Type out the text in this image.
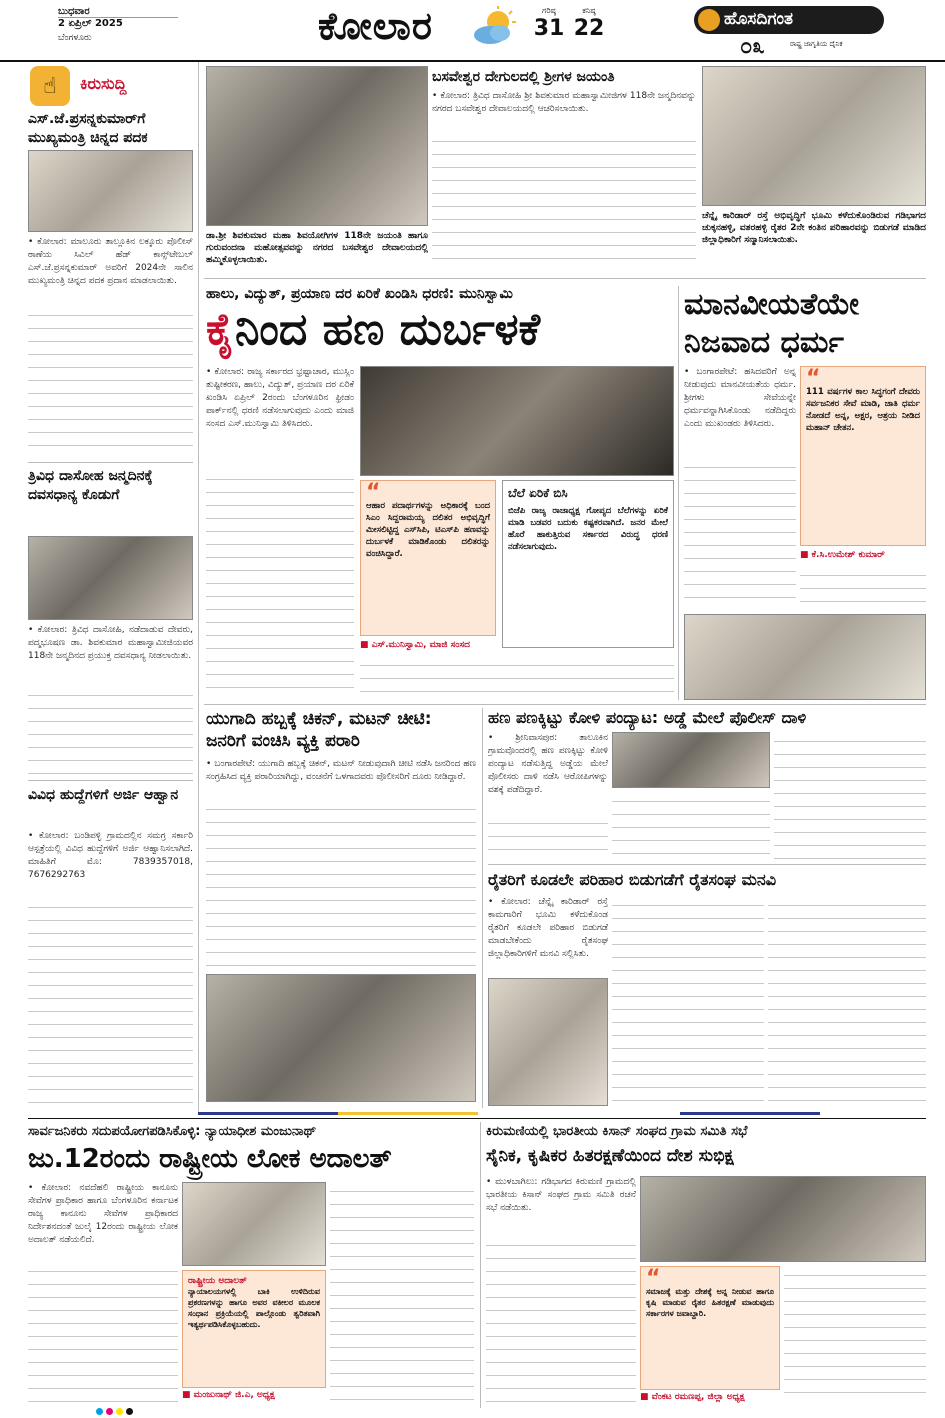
ಬುಧವಾರ
2 ಏಪ್ರಿಲ್ 2025
ಬೆಂಗಳೂರು	ಕೋಲಾರ	ಗರಿಷ್ಠ
31
ಕನಿಷ್ಠ
22	ಹೊಸದಿಗಂತ
೦೩	ರಾಷ್ಟ್ರ ಜಾಗೃತಿಯ ದೈನಿಕ
☝	ಕಿರುಸುದ್ದಿ
ಎಸ್.ಜೆ.ಪ್ರಸನ್ನಕುಮಾರ್‌ಗೆ ಮುಖ್ಯಮಂತ್ರಿ ಚಿನ್ನದ ಪದಕ
• ಕೋಲಾರ: ಮಾಲೂರು ತಾಲ್ಲೂಕಿನ ಲಕ್ಕೂರು ಪೊಲೀಸ್ ಠಾಣೆಯ ಸಿವಿಲ್ ಹೆಡ್ ಕಾನ್ಸ್‌ಟೇಬಲ್ ಎಸ್.ಜೆ.ಪ್ರಸನ್ನಕುಮಾರ್ ಅವರಿಗೆ 2024ನೇ ಸಾಲಿನ ಮುಖ್ಯಮಂತ್ರಿ ಚಿನ್ನದ ಪದಕ ಪ್ರದಾನ ಮಾಡಲಾಯಿತು.
ತ್ರಿವಿಧ ದಾಸೋಹ ಜನ್ಮದಿನಕ್ಕೆ ದವಸಧಾನ್ಯ ಕೊಡುಗೆ
• ಕೋಲಾರ: ತ್ರಿವಿಧ ದಾಸೋಹಿ, ನಡೆದಾಡುವ ದೇವರು, ಪದ್ಮಭೂಷಣ ಡಾ. ಶಿವಕುಮಾರ ಮಹಾಸ್ವಾಮೀಜಿಯವರ 118ನೇ ಜನ್ಮದಿನದ ಪ್ರಯುಕ್ತ ದವಸಧಾನ್ಯ ನೀಡಲಾಯಿತು.
ವಿವಿಧ ಹುದ್ದೆಗಳಿಗೆ ಅರ್ಜಿ ಆಹ್ವಾನ
• ಕೋಲಾರ: ಬಂಡಿಪಳ್ಳಿ ಗ್ರಾಮದಲ್ಲಿನ ಸಮಗ್ರ ಸರ್ಕಾರಿ ಆಸ್ಪತ್ರೆಯಲ್ಲಿ ವಿವಿಧ ಹುದ್ದೆಗಳಿಗೆ ಅರ್ಜಿ ಆಹ್ವಾನಿಸಲಾಗಿದೆ. ಮಾಹಿತಿಗೆ ಮೊ: 7839357018, 7676292763
ಡಾ.ಶ್ರೀ ಶಿವಕುಮಾರ ಮಹಾ ಶಿವಯೋಗಿಗಳ 118ನೇ ಜಯಂತಿ ಹಾಗೂ ಗುರುವಂದನಾ ಮಹೋತ್ಸವವನ್ನು ನಗರದ ಬಸವೇಶ್ವರ ದೇವಾಲಯದಲ್ಲಿ ಹಮ್ಮಿಕೊಳ್ಳಲಾಯಿತು.
ಬಸವೇಶ್ವರ ದೇಗುಲದಲ್ಲಿ ಶ್ರೀಗಳ ಜಯಂತಿ
• ಕೋಲಾರ: ತ್ರಿವಿಧ ದಾಸೋಹಿ ಶ್ರೀ ಶಿವಕುಮಾರ ಮಹಾಸ್ವಾಮೀಜಿಗಳ 118ನೇ ಜನ್ಮದಿನವನ್ನು ನಗರದ ಬಸವೇಶ್ವರ ದೇವಾಲಯದಲ್ಲಿ ಆಚರಿಸಲಾಯಿತು.
ಚೆನ್ನೈ ಕಾರಿಡಾರ್ ರಸ್ತೆ ಅಭಿವೃದ್ಧಿಗೆ ಭೂಮಿ ಕಳೆದುಕೊಂಡಿರುವ ಗಡಿಭಾಗದ ಚುಕ್ಕನಹಳ್ಳಿ, ವತರಹಳ್ಳಿ ರೈತರ 2ನೇ ಕಂತಿನ ಪರಿಹಾರವನ್ನು ಬಿಡುಗಡೆ ಮಾಡಿದ ಜಿಲ್ಲಾಧಿಕಾರಿಗೆ ಸನ್ಮಾನಿಸಲಾಯಿತು.
ಹಾಲು, ವಿದ್ಯುತ್, ಪ್ರಯಾಣ ದರ ಏರಿಕೆ ಖಂಡಿಸಿ ಧರಣಿ: ಮುನಿಸ್ವಾಮಿ
ಕೈನಿಂದ ಹಣ ದುರ್ಬಳಕೆ
• ಕೋಲಾರ: ರಾಜ್ಯ ಸರ್ಕಾರದ ಭ್ರಷ್ಟಾಚಾರ, ಮುಸ್ಲಿಂ ತುಷ್ಟೀಕರಣ, ಹಾಲು, ವಿದ್ಯುತ್, ಪ್ರಯಾಣ ದರ ಏರಿಕೆ ಖಂಡಿಸಿ ಏಪ್ರಿಲ್ 2ರಂದು ಬೆಂಗಳೂರಿನ ಫ್ರೀಡಂ ಪಾರ್ಕ್‌ನಲ್ಲಿ ಧರಣಿ ನಡೆಸಲಾಗುವುದು ಎಂದು ಮಾಜಿ ಸಂಸದ ಎಸ್.ಮುನಿಸ್ವಾಮಿ ತಿಳಿಸಿದರು.
“
ಆಹಾರ ಪದಾರ್ಥಗಳನ್ನು ಅಧಿಕಾರಕ್ಕೆ ಬಂದ ಸಿಎಂ ಸಿದ್ದರಾಮಯ್ಯ ದಲಿತರ ಅಭಿವೃದ್ಧಿಗೆ ಮೀಸಲಿಟ್ಟಿದ್ದ ಎಸ್‌ಸಿಪಿ, ಟಿಎಸ್‌ಪಿ ಹಣವನ್ನು ದುರ್ಬಳಕೆ ಮಾಡಿಕೊಂಡು ದಲಿತರನ್ನು ವಂಚಿಸಿದ್ದಾರೆ.
■ ಎಸ್.ಮುನಿಸ್ವಾಮಿ, ಮಾಜಿ ಸಂಸದ
ಬೆಲೆ ಏರಿಕೆ ಬಿಸಿ
ಬಿಜೆಪಿ ರಾಜ್ಯ ರಾಜಾಧ್ಯಕ್ಷ ಗೋಪ್ಯದ ಬೆಲೆಗಳನ್ನು ಏರಿಕೆ ಮಾಡಿ ಬಡವರ ಬದುಕು ಕಷ್ಟಕರವಾಗಿದೆ. ಜನರ ಮೇಲೆ ಹೊರೆ ಹಾಕುತ್ತಿರುವ ಸರ್ಕಾರದ ವಿರುದ್ಧ ಧರಣಿ ನಡೆಸಲಾಗುವುದು.
ಮಾನವೀಯತೆಯೇ ನಿಜವಾದ ಧರ್ಮ
• ಬಂಗಾರಪೇಟೆ: ಹಸಿದವರಿಗೆ ಅನ್ನ ನೀಡುವುದು ಮಾನವೀಯತೆಯ ಧರ್ಮ. ಶ್ರೀಗಳು ಸೇವೆಯನ್ನೇ ಧರ್ಮವನ್ನಾಗಿಸಿಕೊಂಡು ನಡೆದಿದ್ದರು ಎಂದು ಮುಖಂಡರು ತಿಳಿಸಿದರು.
“
111 ವರ್ಷಗಳ ಕಾಲ ಸಿದ್ಧಗಂಗೆ ದೇವರು ಸರ್ವಜನಿಕರ ಸೇವೆ ಮಾಡಿ, ಜಾತಿ ಧರ್ಮ ನೋಡದೆ ಅನ್ನ, ಅಕ್ಷರ, ಆಶ್ರಯ ನೀಡಿದ ಮಹಾನ್ ಚೇತನ.
■ ಕೆ.ಸಿ.ಉಮೇಶ್ ಕುಮಾರ್
ಯುಗಾದಿ ಹಬ್ಬಕ್ಕೆ ಚಿಕನ್, ಮಟನ್ ಚೀಟಿ: ಜನರಿಗೆ ವಂಚಿಸಿ ವ್ಯಕ್ತಿ ಪರಾರಿ
• ಬಂಗಾರಪೇಟೆ: ಯುಗಾದಿ ಹಬ್ಬಕ್ಕೆ ಚಿಕನ್, ಮಟನ್ ನೀಡುವುದಾಗಿ ಚೀಟಿ ನಡೆಸಿ ಜನರಿಂದ ಹಣ ಸಂಗ್ರಹಿಸಿದ ವ್ಯಕ್ತಿ ಪರಾರಿಯಾಗಿದ್ದು, ವಂಚನೆಗೆ ಒಳಗಾದವರು ಪೊಲೀಸರಿಗೆ ದೂರು ನೀಡಿದ್ದಾರೆ.
ಹಣ ಪಣಕ್ಕಿಟ್ಟು ಕೋಳಿ ಪಂದ್ಯಾಟ: ಅಡ್ಡೆ ಮೇಲೆ ಪೊಲೀಸ್ ದಾಳಿ
• ಶ್ರೀನಿವಾಸಪುರ: ತಾಲೂಕಿನ ಗ್ರಾಮವೊಂದರಲ್ಲಿ ಹಣ ಪಣಕ್ಕಿಟ್ಟು ಕೋಳಿ ಪಂದ್ಯಾಟ ನಡೆಸುತ್ತಿದ್ದ ಅಡ್ಡೆಯ ಮೇಲೆ ಪೊಲೀಸರು ದಾಳಿ ನಡೆಸಿ ಆರೋಪಿಗಳನ್ನು ವಶಕ್ಕೆ ಪಡೆದಿದ್ದಾರೆ.
ರೈತರಿಗೆ ಕೂಡಲೇ ಪರಿಹಾರ ಬಿಡುಗಡೆಗೆ ರೈತಸಂಘ ಮನವಿ
• ಕೋಲಾರ: ಚೆನ್ನೈ ಕಾರಿಡಾರ್ ರಸ್ತೆ ಕಾಮಗಾರಿಗೆ ಭೂಮಿ ಕಳೆದುಕೊಂಡ ರೈತರಿಗೆ ಕೂಡಲೇ ಪರಿಹಾರ ಬಿಡುಗಡೆ ಮಾಡಬೇಕೆಂದು ರೈತಸಂಘ ಜಿಲ್ಲಾಧಿಕಾರಿಗಳಿಗೆ ಮನವಿ ಸಲ್ಲಿಸಿತು.
ಸಾರ್ವಜನಿಕರು ಸದುಪಯೋಗಪಡಿಸಿಕೊಳ್ಳಿ: ನ್ಯಾಯಾಧೀಶ ಮಂಜುನಾಥ್
ಜು.12ರಂದು ರಾಷ್ಟ್ರೀಯ ಲೋಕ ಅದಾಲತ್
• ಕೋಲಾರ: ನವದೆಹಲಿ ರಾಷ್ಟ್ರೀಯ ಕಾನೂನು ಸೇವೆಗಳ ಪ್ರಾಧಿಕಾರ ಹಾಗೂ ಬೆಂಗಳೂರಿನ ಕರ್ನಾಟಕ ರಾಜ್ಯ ಕಾನೂನು ಸೇವೆಗಳ ಪ್ರಾಧಿಕಾರದ ನಿರ್ದೇಶನದಂತೆ ಜುಲೈ 12ರಂದು ರಾಷ್ಟ್ರೀಯ ಲೋಕ ಅದಾಲತ್ ನಡೆಯಲಿದೆ.
ರಾಷ್ಟ್ರೀಯ ಅದಾಲತ್
ನ್ಯಾಯಾಲಯಗಳಲ್ಲಿ ಬಾಕಿ ಉಳಿದಿರುವ ಪ್ರಕರಣಗಳನ್ನು ಹಾಗೂ ಅವರ ವಕೀಲರ ಮೂಲಕ ಸಂಧಾನ ಪ್ರಕ್ರಿಯೆಯಲ್ಲಿ ಪಾಲ್ಗೊಂಡು ತ್ವರಿತವಾಗಿ ಇತ್ಯರ್ಥಪಡಿಸಿಕೊಳ್ಳಬಹುದು.
■ ಮಂಜುನಾಥ್ ಜಿ.ಎ, ಅಧ್ಯಕ್ಷ
ಕಿರುಮಣಿಯಲ್ಲಿ ಭಾರತೀಯ ಕಿಸಾನ್ ಸಂಘದ ಗ್ರಾಮ ಸಮಿತಿ ಸಭೆ
ಸೈನಿಕ, ಕೃಷಿಕರ ಹಿತರಕ್ಷಣೆಯಿಂದ ದೇಶ ಸುಭಿಕ್ಷ
• ಮುಳಬಾಗಿಲು: ಗಡಿಭಾಗದ ಕಿರುಮಣಿ ಗ್ರಾಮದಲ್ಲಿ ಭಾರತೀಯ ಕಿಸಾನ್ ಸಂಘದ ಗ್ರಾಮ ಸಮಿತಿ ರಚನೆ ಸಭೆ ನಡೆಯಿತು.
“
ಸಮಾಜಕ್ಕೆ ಮತ್ತು ದೇಶಕ್ಕೆ ಅನ್ನ ನೀಡುವ ಹಾಗೂ ಕೃಷಿ ಮಾಡುವ ರೈತರ ಹಿತರಕ್ಷಣೆ ಮಾಡುವುದು ಸರ್ಕಾರಗಳ ಜವಾಬ್ದಾರಿ.
■ ವೆಂಕಟ ರಮಣಪ್ಪ, ಜಿಲ್ಲಾ ಅಧ್ಯಕ್ಷ
